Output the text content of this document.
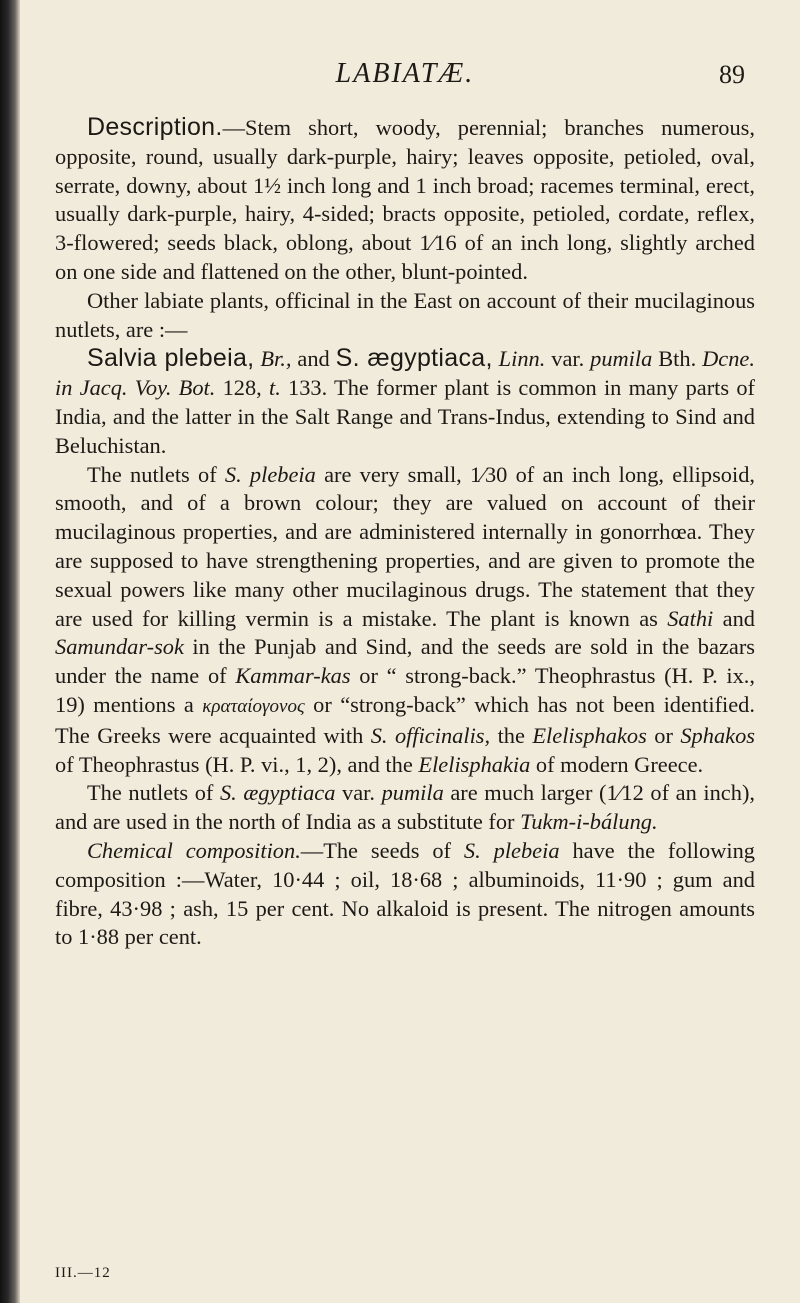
LABIATÆ.	89

Description.—Stem short, woody, perennial; branches numerous, opposite, round, usually dark-purple, hairy; leaves opposite, petioled, oval, serrate, downy, about 1½ inch long and 1 inch broad; racemes terminal, erect, usually dark-purple, hairy, 4-sided; bracts opposite, petioled, cordate, reflex, 3-flowered; seeds black, oblong, about 1⁄16 of an inch long, slightly arched on one side and flattened on the other, blunt-pointed.

Other labiate plants, officinal in the East on account of their mucilaginous nutlets, are :—

Salvia plebeia, Br., and S. ægyptiaca, Linn. var. pumila Bth. Dcne. in Jacq. Voy. Bot. 128, t. 133. The former plant is common in many parts of India, and the latter in the Salt Range and Trans-Indus, extending to Sind and Beluchistan.

The nutlets of S. plebeia are very small, 1⁄30 of an inch long, ellipsoid, smooth, and of a brown colour; they are valued on account of their mucilaginous properties, and are administered internally in gonorrhœa. They are supposed to have strengthening properties, and are given to promote the sexual powers like many other mucilaginous drugs. The statement that they are used for killing vermin is a mistake. The plant is known as Sathi and Samundar-sok in the Punjab and Sind, and the seeds are sold in the bazars under the name of Kammar-kas or “ strong-back.” Theophrastus (H. P. ix., 19) mentions a κραταίογονος or “strong-back” which has not been identified. The Greeks were acquainted with S. officinalis, the Elelisphakos or Sphakos of Theophrastus (H. P. vi., 1, 2), and the Elelisphakia of modern Greece.

The nutlets of S. ægyptiaca var. pumila are much larger (1⁄12 of an inch), and are used in the north of India as a substitute for Tukm-i-bálung.

Chemical composition.—The seeds of S. plebeia have the following composition :—Water, 10·44 ; oil, 18·68 ; albuminoids, 11·90 ; gum and fibre, 43·98 ; ash, 15 per cent. No alkaloid is present. The nitrogen amounts to 1·88 per cent.

III.—12
